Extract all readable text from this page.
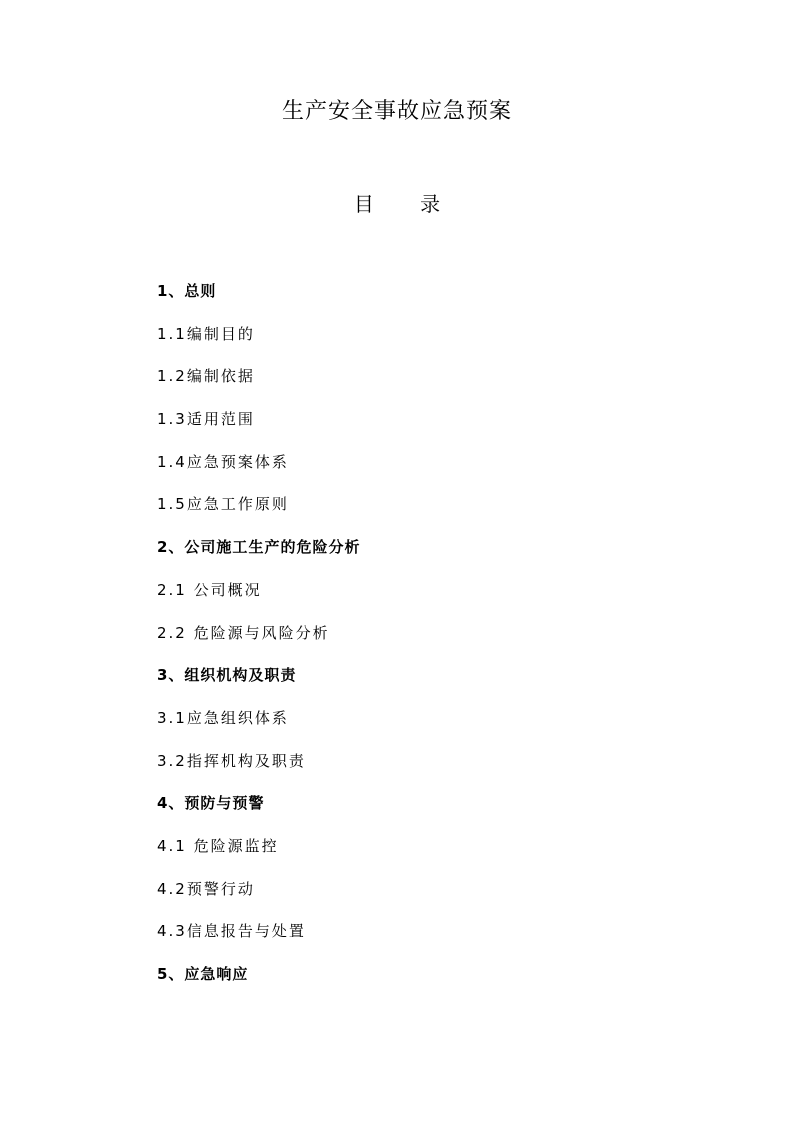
生产安全事故应急预案
目 录
1、总则
1.1编制目的
1.2编制依据
1.3适用范围
1.4应急预案体系
1.5应急工作原则
2、公司施工生产的危险分析
2.1 公司概况
2.2 危险源与风险分析
3、组织机构及职责
3.1应急组织体系
3.2指挥机构及职责
4、预防与预警
4.1 危险源监控
4.2预警行动
4.3信息报告与处置
5、应急响应
